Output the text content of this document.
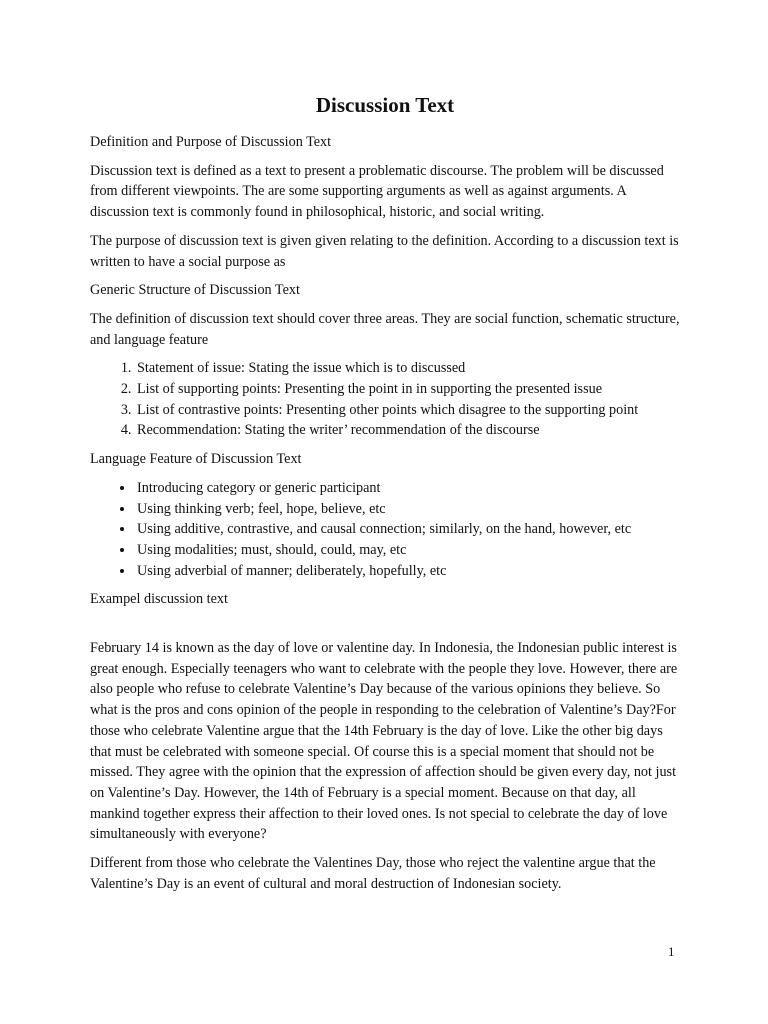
Discussion Text

Definition and Purpose of Discussion Text

Discussion text is defined as a text to present a problematic discourse. The problem will be discussed from different viewpoints. The are some supporting arguments as well as against arguments. A discussion text is commonly found in philosophical, historic, and social writing.

The purpose of discussion text is given given relating to the definition. According to a discussion text is written to have a social purpose as

Generic Structure of Discussion Text

The definition of discussion text should cover three areas. They are social function, schematic structure, and language feature

1. Statement of issue: Stating the issue which is to discussed
2. List of supporting points: Presenting the point in in supporting the presented issue
3. List of contrastive points: Presenting other points which disagree to the supporting point
4. Recommendation: Stating the writer’ recommendation of the discourse

Language Feature of Discussion Text

• Introducing category or generic participant
• Using thinking verb; feel, hope, believe, etc
• Using additive, contrastive, and causal connection; similarly, on the hand, however, etc
• Using modalities; must, should, could, may, etc
• Using adverbial of manner; deliberately, hopefully, etc

Exampel discussion text

February 14 is known as the day of love or valentine day. In Indonesia, the Indonesian public interest is great enough. Especially teenagers who want to celebrate with the people they love. However, there are also people who refuse to celebrate Valentine’s Day because of the various opinions they believe. So what is the pros and cons opinion of the people in responding to the celebration of Valentine’s Day?For those who celebrate Valentine argue that the 14th February is the day of love. Like the other big days that must be celebrated with someone special. Of course this is a special moment that should not be missed. They agree with the opinion that the expression of affection should be given every day, not just on Valentine’s Day. However, the 14th of February is a special moment. Because on that day, all mankind together express their affection to their loved ones. Is not special to celebrate the day of love simultaneously with everyone?

Different from those who celebrate the Valentines Day, those who reject the valentine argue that the Valentine’s Day is an event of cultural and moral destruction of Indonesian society.

1
